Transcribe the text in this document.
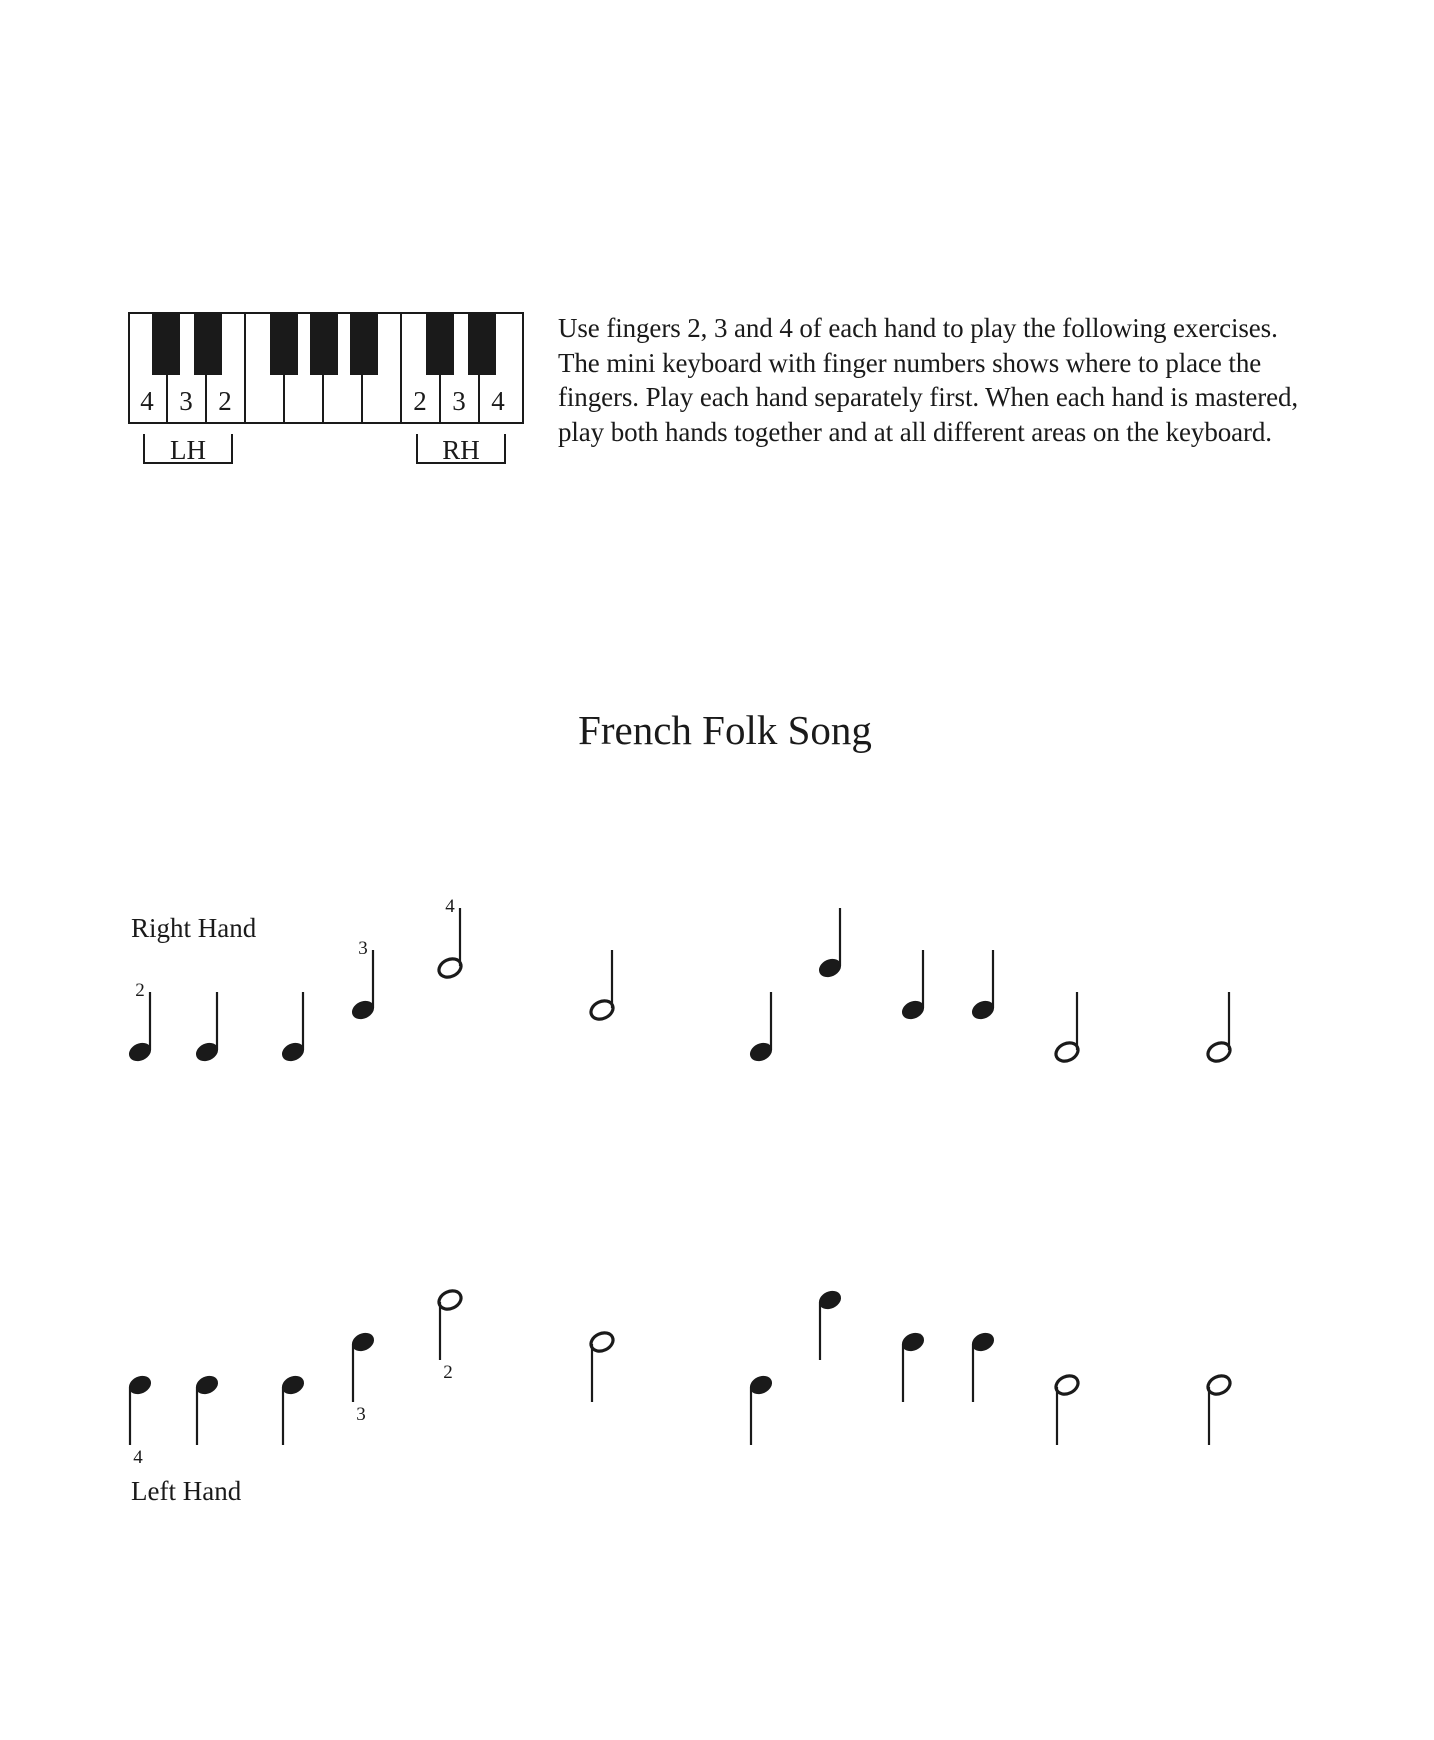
4 3 2	2 3 4
LH	RH
Use fingers 2, 3 and 4 of each hand to play the following exercises.
The mini keyboard with finger numbers shows where to place the
fingers. Play each hand separately first. When each hand is mastered,
play both hands together and at all different areas on the keyboard.
French Folk Song
Right Hand
Left Hand
2
3
4
4
3
2
